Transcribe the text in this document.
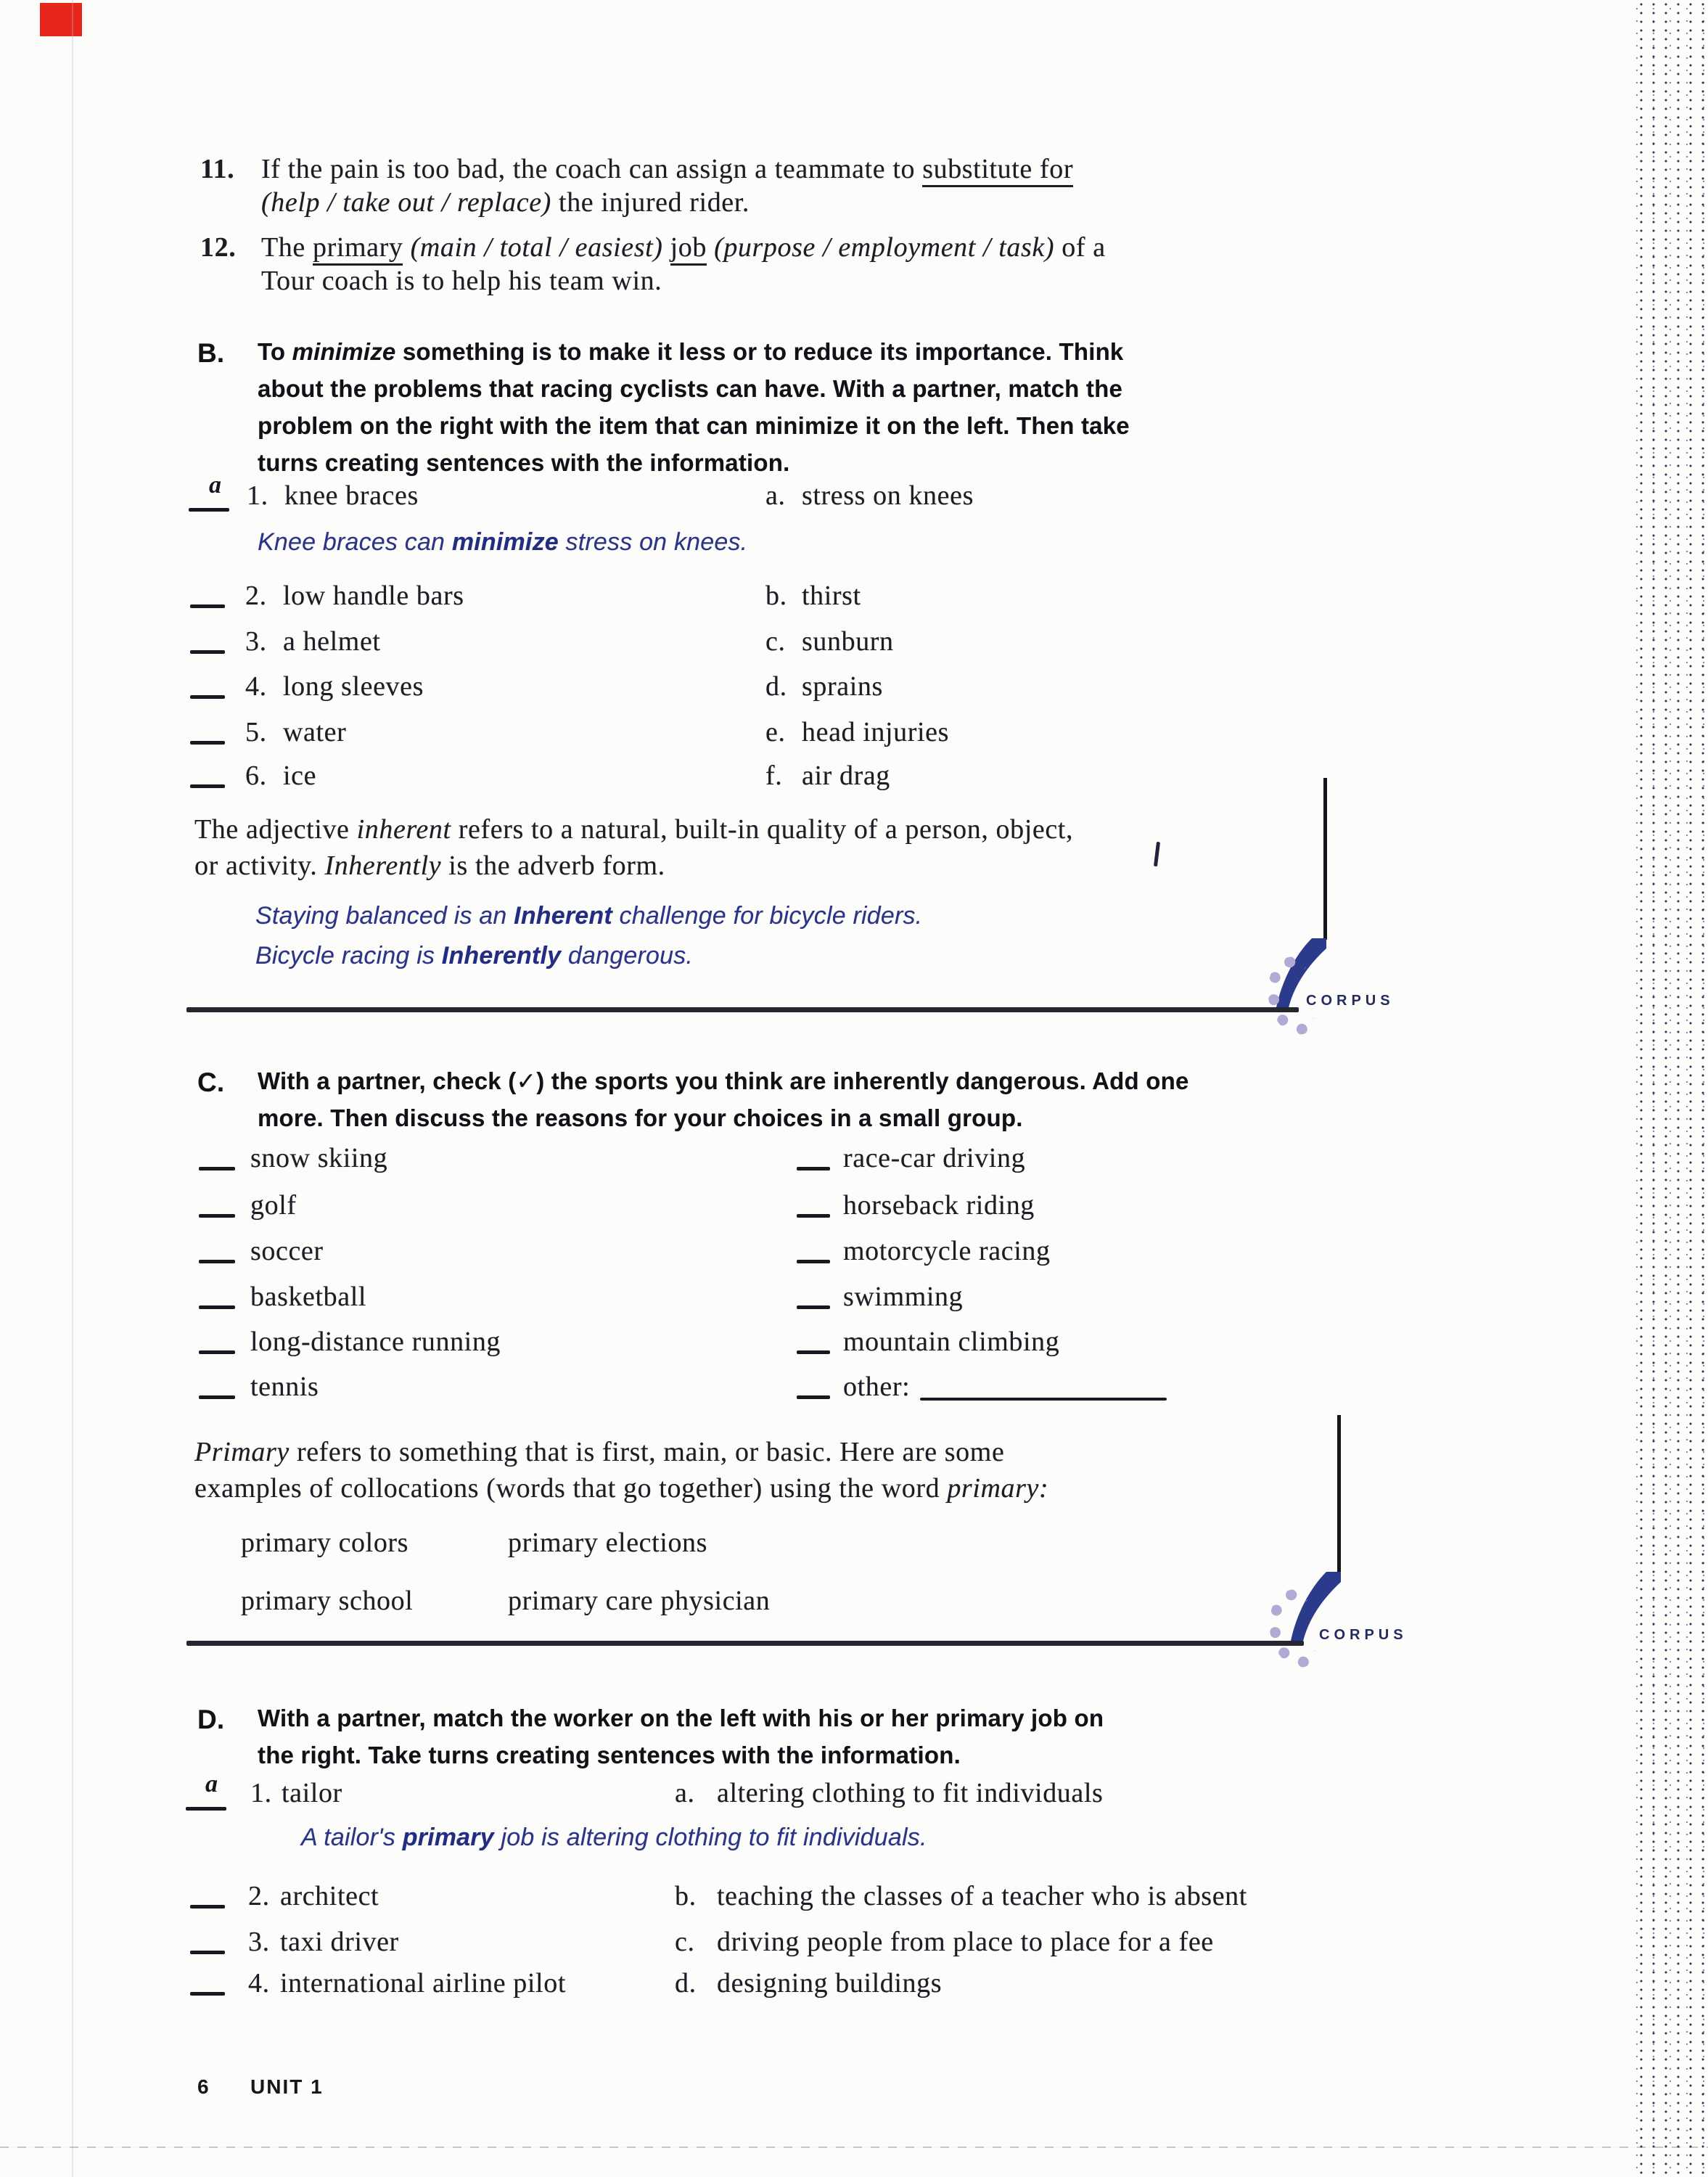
11. If the pain is too bad, the coach can assign a teammate to substitute for
(help / take out / replace) the injured rider.
12. The primary (main / total / easiest) job (purpose / employment / task) of a
Tour coach is to help his team win.
B. To minimize something is to make it less or to reduce its importance. Think
about the problems that racing cyclists can have. With a partner, match the
problem on the right with the item that can minimize it on the left. Then take
turns creating sentences with the information.
a 1. knee braces	a. stress on knees
Knee braces can minimize stress on knees.
2. low handle bars	b. thirst
3. a helmet	c. sunburn
4. long sleeves	d. sprains
5. water	e. head injuries
6. ice	f. air drag
The adjective inherent refers to a natural, built-in quality of a person, object,
or activity. Inherently is the adverb form.
Staying balanced is an Inherent challenge for bicycle riders.
Bicycle racing is Inherently dangerous.
CORPUS
C. With a partner, check (✓) the sports you think are inherently dangerous. Add one
more. Then discuss the reasons for your choices in a small group.
snow skiing	race-car driving
golf	horseback riding
soccer	motorcycle racing
basketball	swimming
long-distance running	mountain climbing
tennis	other:
Primary refers to something that is first, main, or basic. Here are some
examples of collocations (words that go together) using the word primary:
primary colors	primary elections
primary school	primary care physician
CORPUS
D. With a partner, match the worker on the left with his or her primary job on
the right. Take turns creating sentences with the information.
a 1. tailor	a. altering clothing to fit individuals
A tailor's primary job is altering clothing to fit individuals.
2. architect	b. teaching the classes of a teacher who is absent
3. taxi driver	c. driving people from place to place for a fee
4. international airline pilot	d. designing buildings
6 UNIT 1
